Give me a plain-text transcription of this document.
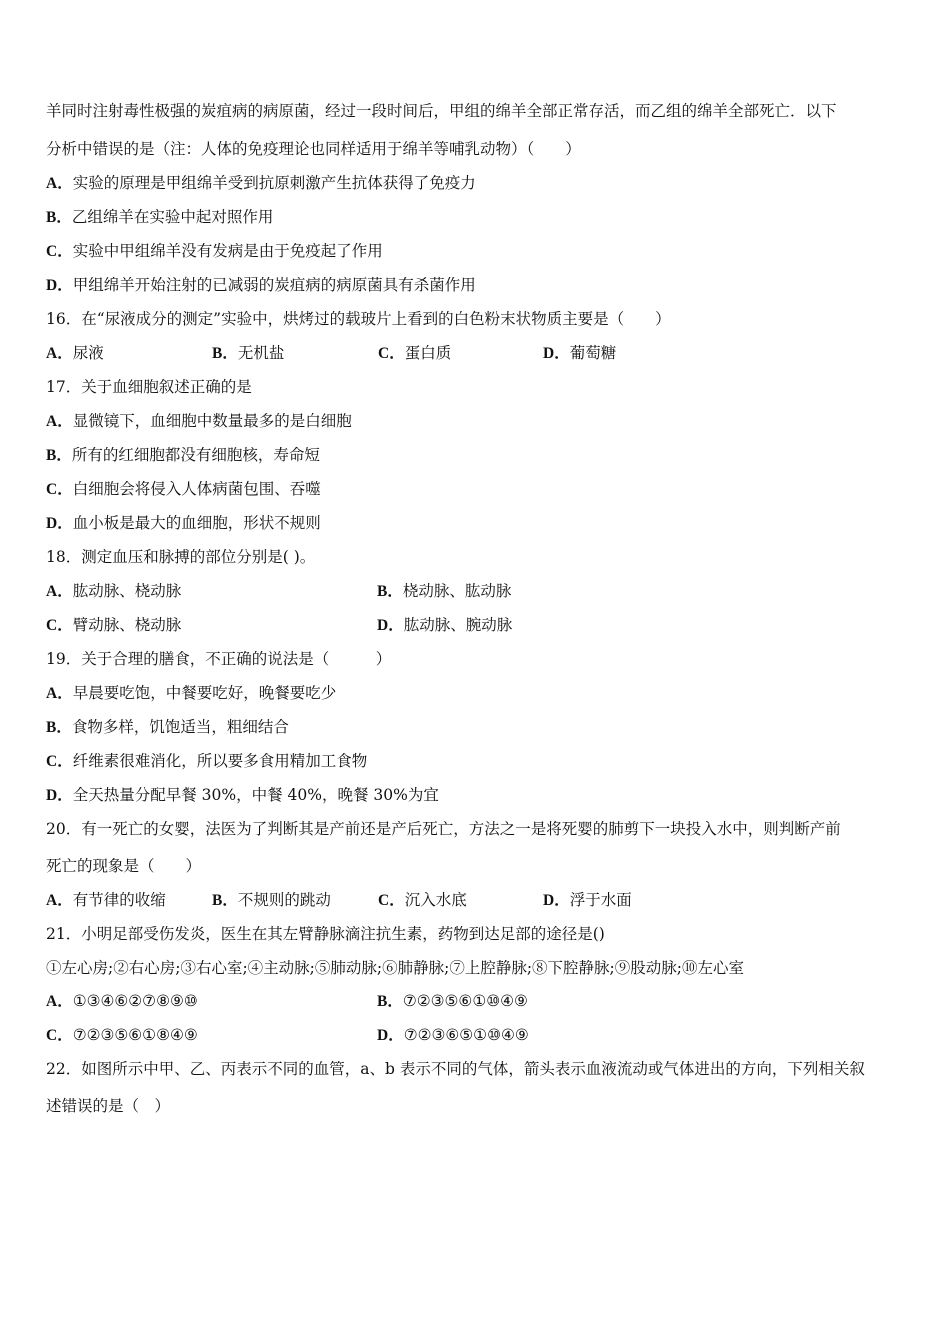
羊同时注射毒性极强的炭疽病的病原菌，经过一段时间后，甲组的绵羊全部正常存活，而乙组的绵羊全部死亡．以下
分析中错误的是（注：人体的免疫理论也同样适用于绵羊等哺乳动物）（　　）
A．实验的原理是甲组绵羊受到抗原刺激产生抗体获得了免疫力
B．乙组绵羊在实验中起对照作用
C．实验中甲组绵羊没有发病是由于免疫起了作用
D．甲组绵羊开始注射的已减弱的炭疽病的病原菌具有杀菌作用
16．在“尿液成分的测定”实验中，烘烤过的载玻片上看到的白色粉末状物质主要是（　　）
A．尿液	B．无机盐	C．蛋白质	D．葡萄糖
17．关于血细胞叙述正确的是
A．显微镜下，血细胞中数量最多的是白细胞
B．所有的红细胞都没有细胞核，寿命短
C．白细胞会将侵入人体病菌包围、吞噬
D．血小板是最大的血细胞，形状不规则
18．测定血压和脉搏的部位分别是( )。
A．肱动脉、桡动脉	B．桡动脉、肱动脉
C．臂动脉、桡动脉	D．肱动脉、腕动脉
19．关于合理的膳食，不正确的说法是（　　　）
A．早晨要吃饱，中餐要吃好，晚餐要吃少
B．食物多样，饥饱适当，粗细结合
C．纤维素很难消化，所以要多食用精加工食物
D．全天热量分配早餐 30%，中餐 40%，晚餐 30%为宜
20．有一死亡的女婴，法医为了判断其是产前还是产后死亡，方法之一是将死婴的肺剪下一块投入水中，则判断产前
死亡的现象是（　　）
A．有节律的收缩	B．不规则的跳动	C．沉入水底	D．浮于水面
21．小明足部受伤发炎，医生在其左臂静脉滴注抗生素，药物到达足部的途径是()
①左心房;②右心房;③右心室;④主动脉;⑤肺动脉;⑥肺静脉;⑦上腔静脉;⑧下腔静脉;⑨股动脉;⑩左心室
A．①③④⑥②⑦⑧⑨⑩	B．⑦②③⑤⑥①⑩④⑨
C．⑦②③⑤⑥①⑧④⑨	D．⑦②③⑥⑤①⑩④⑨
22．如图所示中甲、乙、丙表示不同的血管，a、b 表示不同的气体，箭头表示血液流动或气体进出的方向，下列相关叙
述错误的是（　）
